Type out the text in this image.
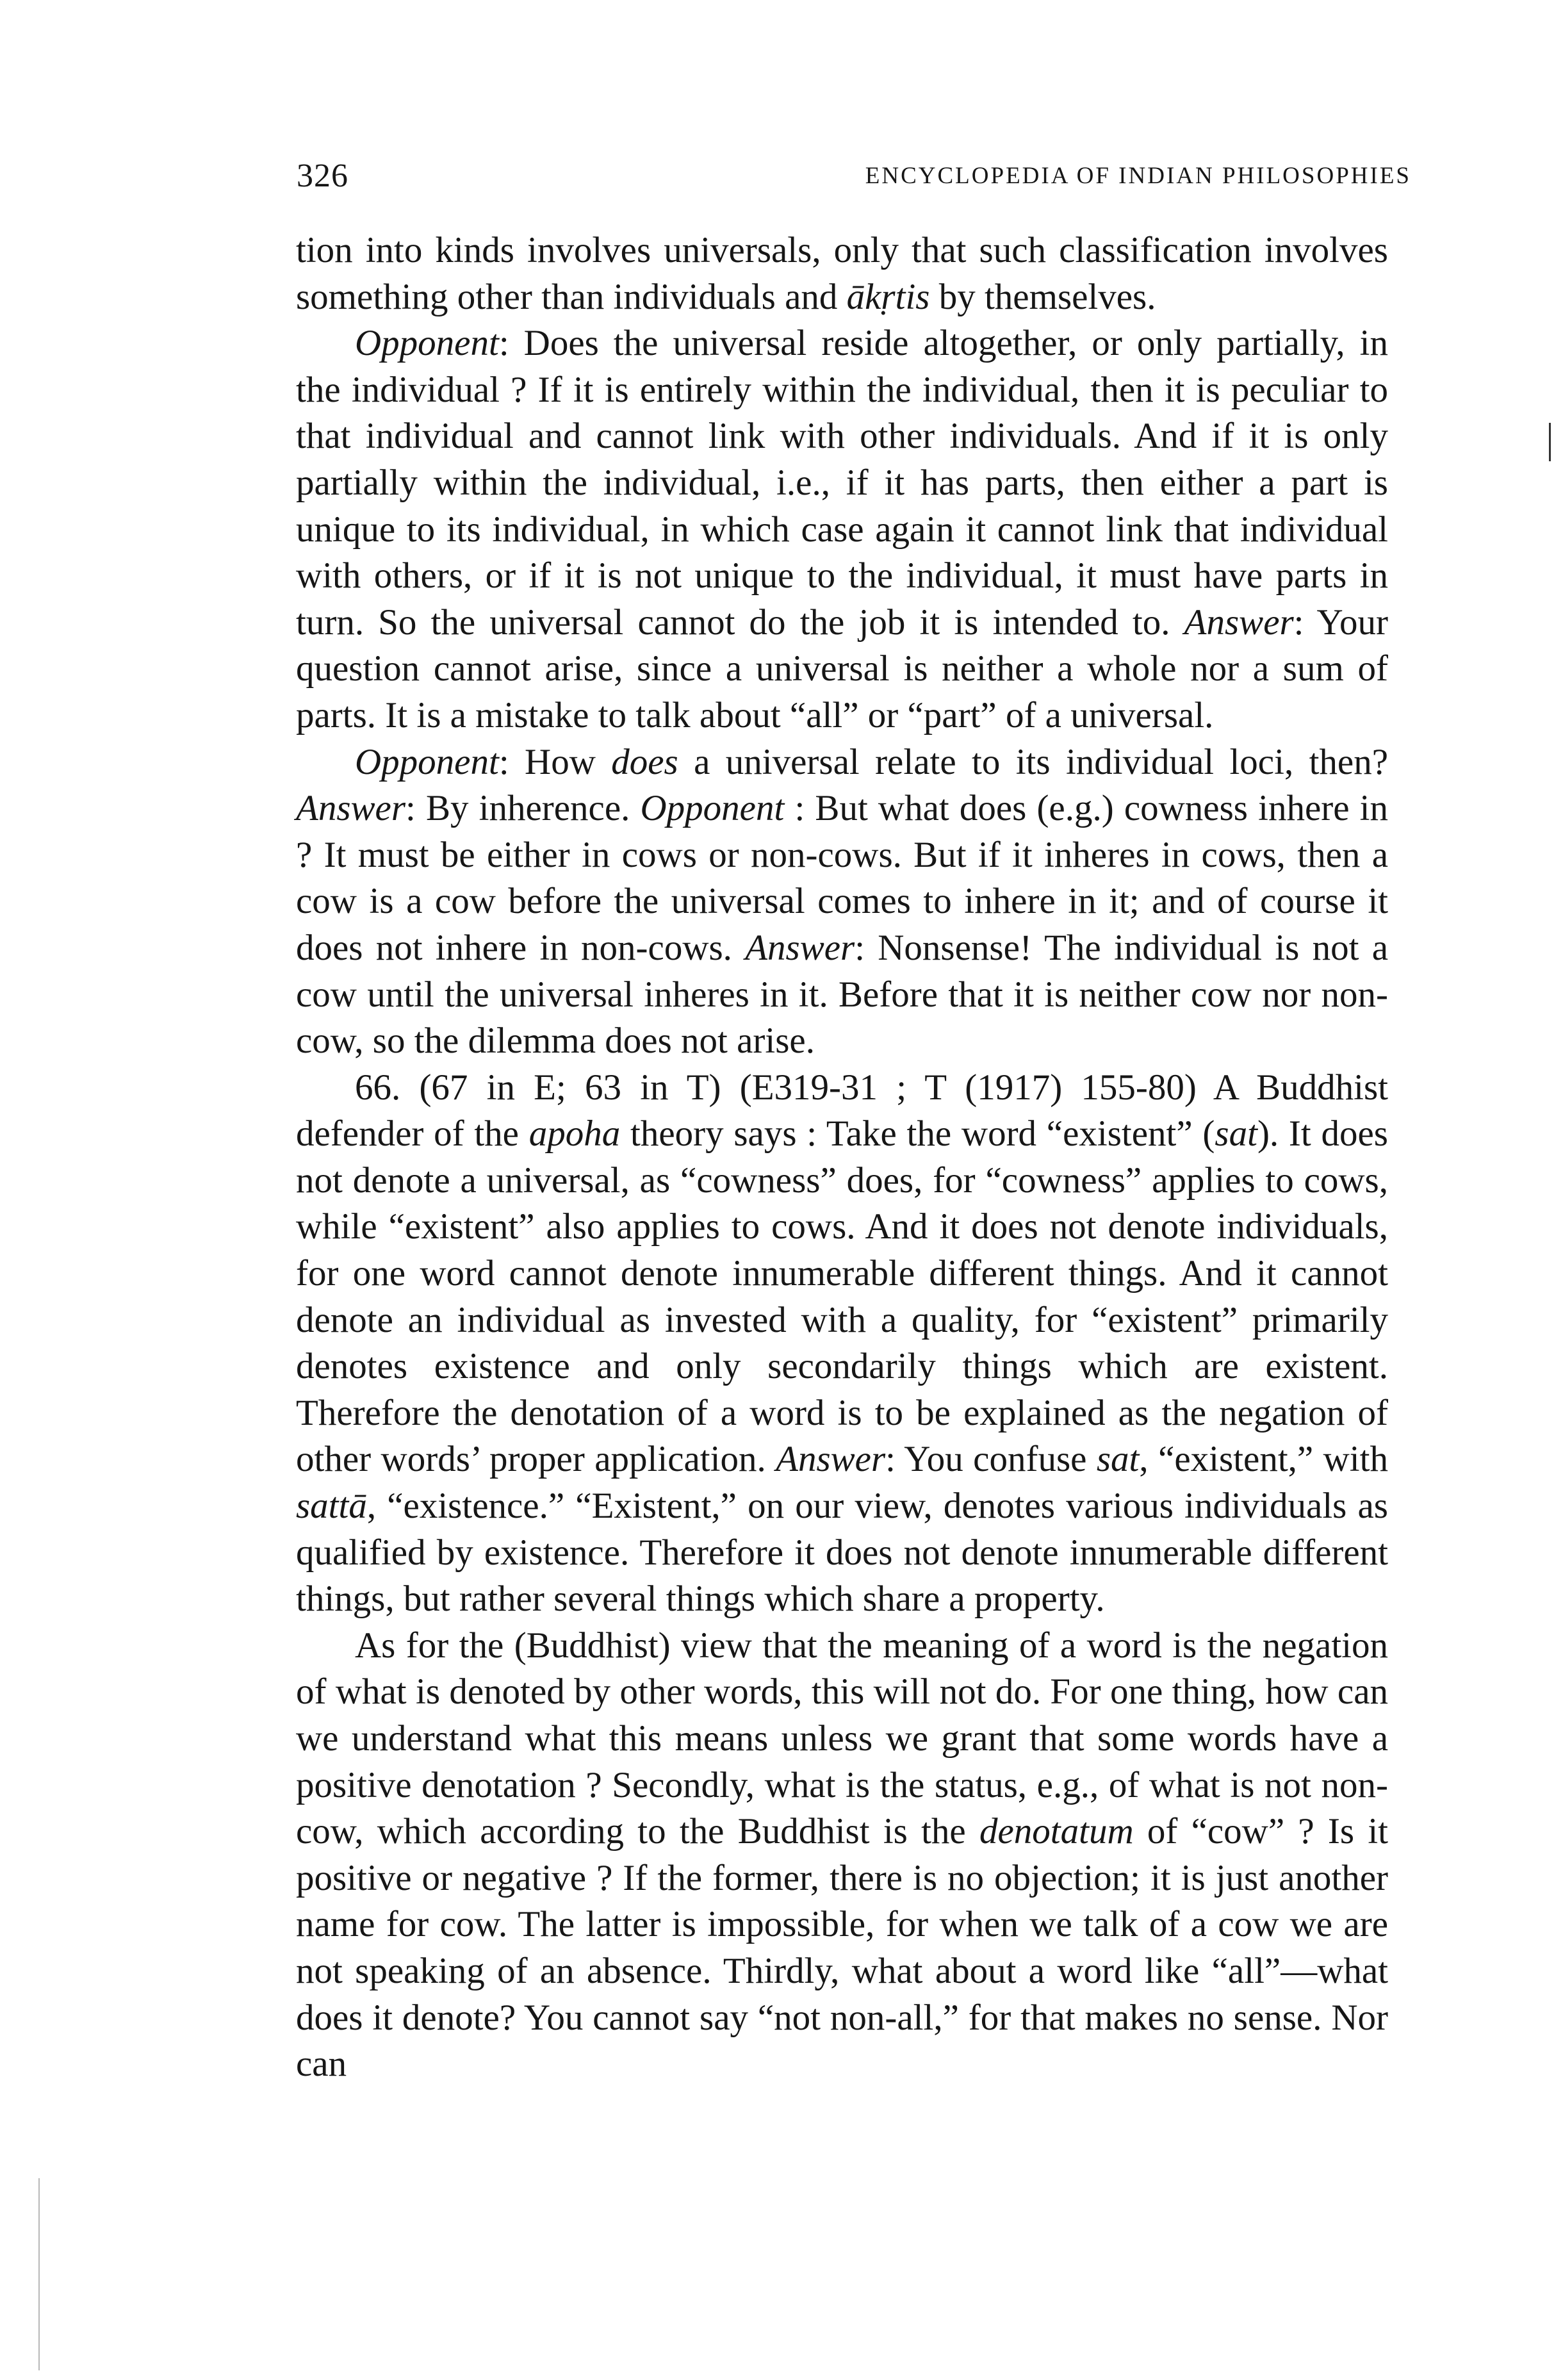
326	ENCYCLOPEDIA OF INDIAN PHILOSOPHIES

tion into kinds involves universals, only that such classification involves something other than individuals and ākṛtis by themselves.

Opponent: Does the universal reside altogether, or only partially, in the individual ? If it is entirely within the individual, then it is peculiar to that individual and cannot link with other individuals. And if it is only partially within the individual, i.e., if it has parts, then either a part is unique to its individual, in which case again it cannot link that individual with others, or if it is not unique to the individual, it must have parts in turn. So the universal cannot do the job it is intended to. Answer: Your question cannot arise, since a universal is neither a whole nor a sum of parts. It is a mistake to talk about “all” or “part” of a universal.

Opponent: How does a universal relate to its individual loci, then? Answer: By inherence. Opponent : But what does (e.g.) cowness inhere in ? It must be either in cows or non-cows. But if it inheres in cows, then a cow is a cow before the universal comes to inhere in it; and of course it does not inhere in non-cows. Answer: Nonsense! The individual is not a cow until the universal inheres in it. Before that it is neither cow nor non-cow, so the dilemma does not arise.

66. (67 in E; 63 in T) (E319-31 ; T (1917) 155-80) A Buddhist defender of the apoha theory says : Take the word “existent” (sat). It does not denote a universal, as “cowness” does, for “cowness” applies to cows, while “existent” also applies to cows. And it does not denote individuals, for one word cannot denote innumerable different things. And it cannot denote an individual as invested with a quality, for “existent” primarily denotes existence and only secondarily things which are existent. Therefore the denotation of a word is to be explained as the negation of other words’ proper application. Answer: You confuse sat, “existent,” with sattā, “existence.” “Existent,” on our view, denotes various individuals as qualified by existence. Therefore it does not denote innumerable different things, but rather several things which share a property.

As for the (Buddhist) view that the meaning of a word is the negation of what is denoted by other words, this will not do. For one thing, how can we understand what this means unless we grant that some words have a positive denotation ? Secondly, what is the status, e.g., of what is not non-cow, which according to the Buddhist is the denotatum of “cow” ? Is it positive or negative ? If the former, there is no objection; it is just another name for cow. The latter is impossible, for when we talk of a cow we are not speaking of an absence. Thirdly, what about a word like “all”—what does it denote? You cannot say “not non-all,” for that makes no sense. Nor can
